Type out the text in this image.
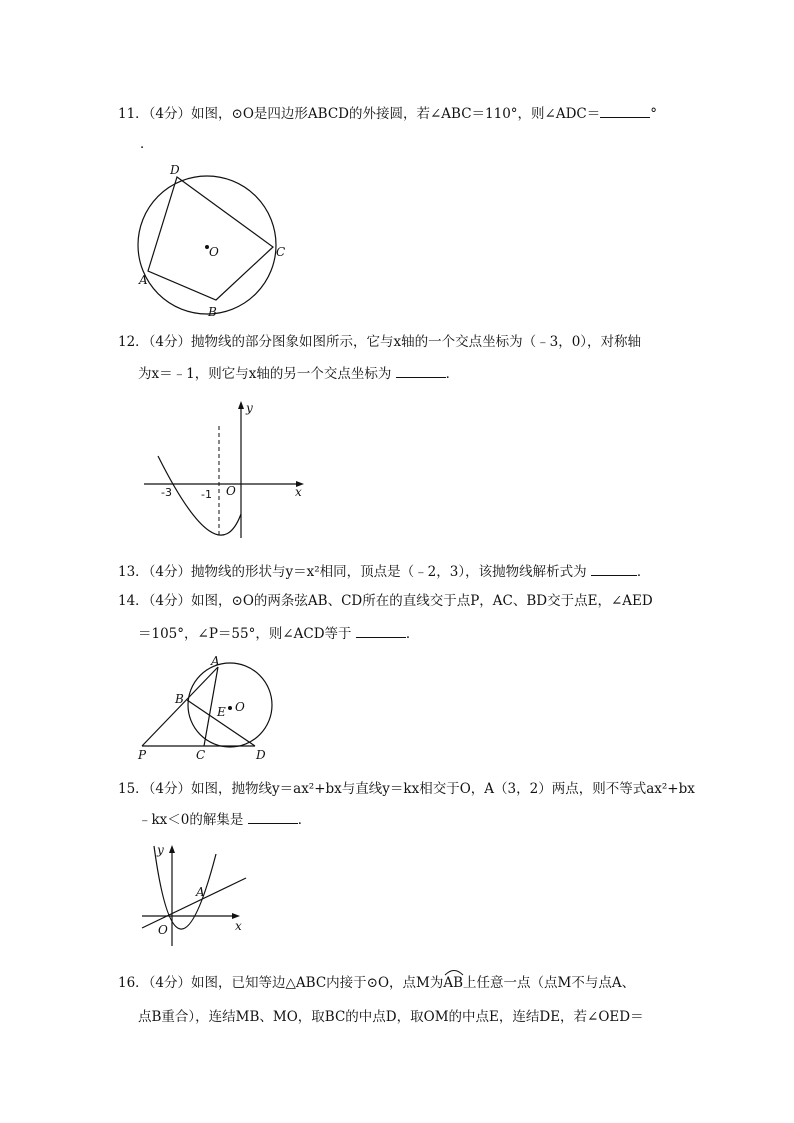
11．（4分）如图，⊙O是四边形ABCD的外接圆，若∠ABC＝110°，则∠ADC＝	°
．
D
O	C
A
B
12．（4分）抛物线的部分图象如图所示，它与x轴的一个交点坐标为（﹣3，0），对称轴
为x＝﹣1，则它与x轴的另一个交点坐标为	．
y
x
O
-3	-1
13．（4分）抛物线的形状与y＝x²相同，顶点是（﹣2，3），该抛物线解析式为	．
14．（4分）如图，⊙O的两条弦AB、CD所在的直线交于点P，AC、BD交于点E，∠AED
＝105°，∠P＝55°，则∠ACD等于	．
A
B
E O
P	C	D
15．（4分）如图，抛物线y＝ax²+bx与直线y＝kx相交于O，A（3，2）两点，则不等式ax²+bx
﹣kx＜0的解集是	．
y
A
O	x
16．（4分）如图，已知等边△ABC内接于⊙O，点M为
AB上任意一点（点M不与点A、
点B重合），连结MB、MO，取BC的中点D，取OM的中点E，连结DE，若∠OED＝
